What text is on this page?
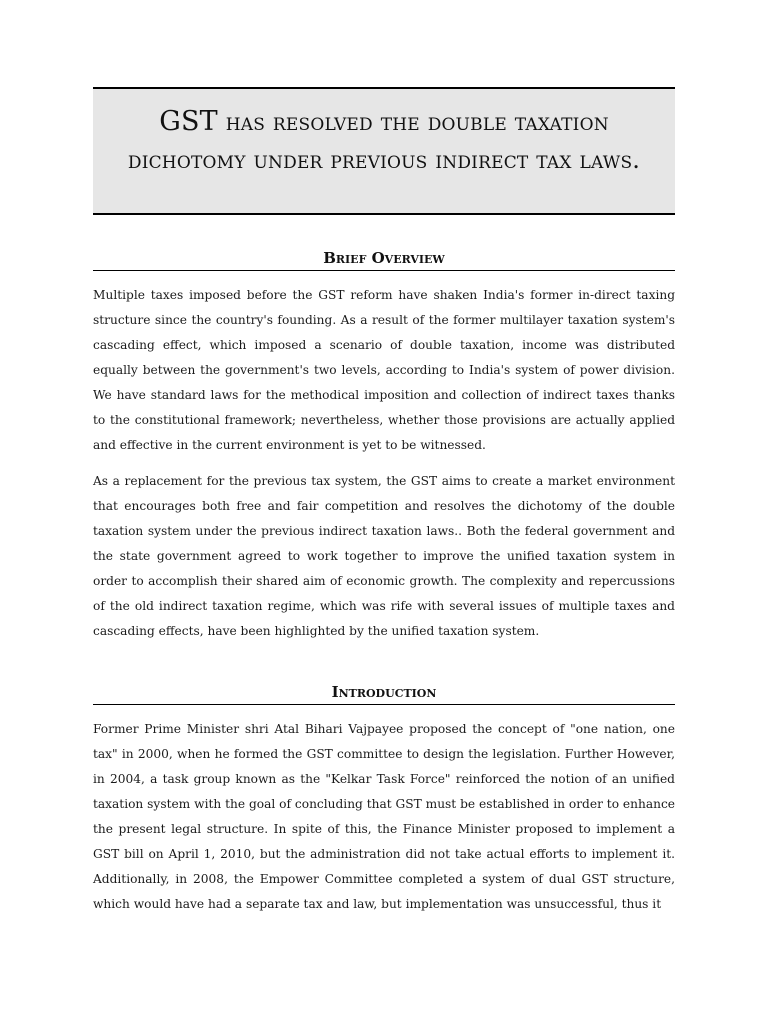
GST has resolved the double taxation dichotomy under previous indirect tax laws.
Brief Overview

Multiple taxes imposed before the GST reform have shaken India's former in-direct taxing structure since the country's founding. As a result of the former multilayer taxation system's cascading effect, which imposed a scenario of double taxation, income was distributed equally between the government's two levels, according to India's system of power division. We have standard laws for the methodical imposition and collection of indirect taxes thanks to the constitutional framework; nevertheless, whether those provisions are actually applied and effective in the current environment is yet to be witnessed.

As a replacement for the previous tax system, the GST aims to create a market environment that encourages both free and fair competition and resolves the dichotomy of the double taxation system under the previous indirect taxation laws.. Both the federal government and the state government agreed to work together to improve the unified taxation system in order to accomplish their shared aim of economic growth. The complexity and repercussions of the old indirect taxation regime, which was rife with several issues of multiple taxes and cascading effects, have been highlighted by the unified taxation system.

Introduction

Former Prime Minister shri Atal Bihari Vajpayee proposed the concept of "one nation, one tax" in 2000, when he formed the GST committee to design the legislation. Further However, in 2004, a task group known as the "Kelkar Task Force" reinforced the notion of an unified taxation system with the goal of concluding that GST must be established in order to enhance the present legal structure. In spite of this, the Finance Minister proposed to implement a GST bill on April 1, 2010, but the administration did not take actual efforts to implement it. Additionally, in 2008, the Empower Committee completed a system of dual GST structure, which would have had a separate tax and law, but implementation was unsuccessful, thus it
